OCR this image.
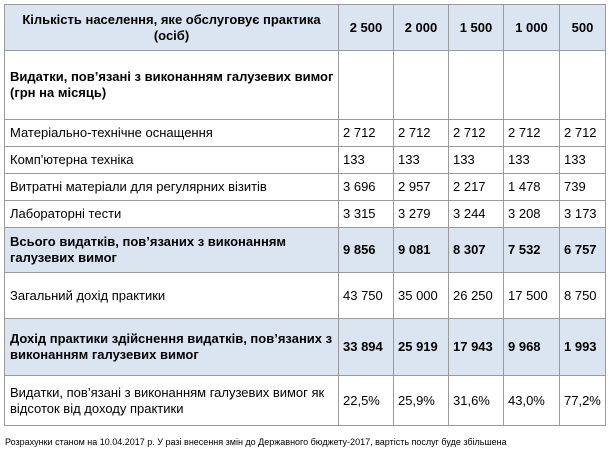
Кількість населення, яке обслуговує практика (осіб)	2 500	2 000	1 500	1 000	500
Видатки, пов’язані з виконанням галузевих вимог
(грн на місяць)					
Матеріально-технічне оснащення	2 712	2 712	2 712	2 712	2 712
Комп'ютерна техніка	133	133	133	133	133
Витратні матеріали для регулярних візитів	3 696	2 957	2 217	1 478	739
Лабораторні тести	3 315	3 279	3 244	3 208	3 173
Всього видатків, пов’язаних з виконанням галузевих вимог	9 856	9 081	8 307	7 532	6 757
Загальний дохід практики	43 750	35 000	26 250	17 500	8 750
Дохід практики здійснення видатків, пов’язаних з виконанням галузевих вимог	33 894	25 919	17 943	9 968	1 993
Видатки, пов’язані з виконанням галузевих вимог як відсоток від доходу практики	22,5%	25,9%	31,6%	43,0%	77,2%
Розрахунки станом на 10.04.2017 р. У разі внесення змін до Державного бюджету-2017, вартість послуг буде збільшена
